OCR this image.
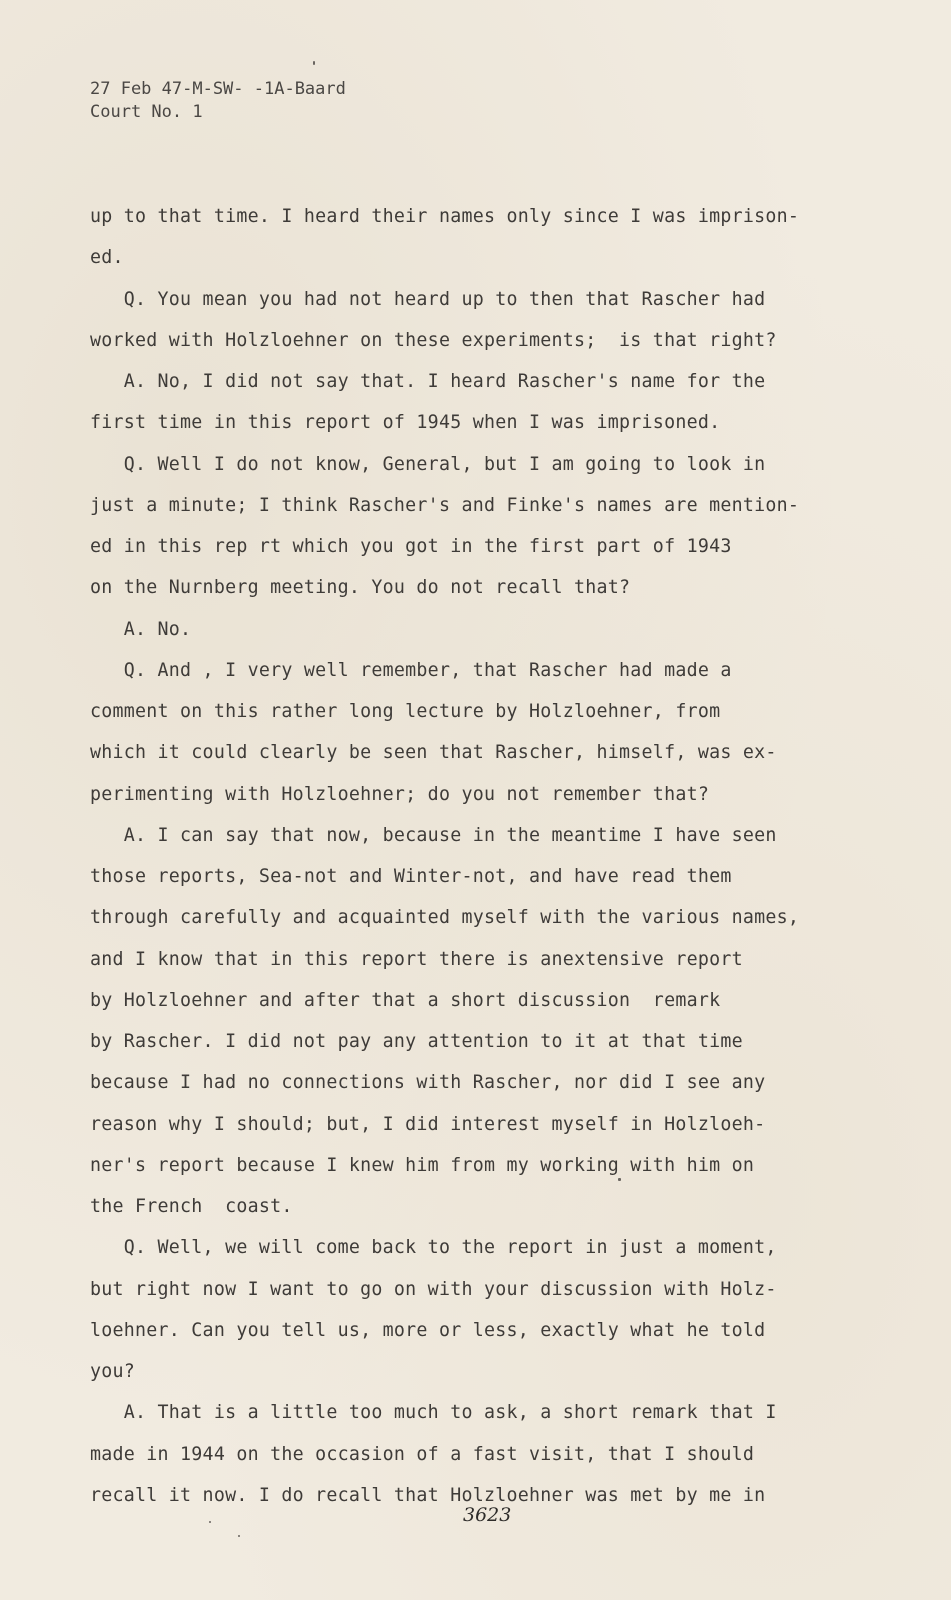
27 Feb 47-M-SW- -1A-Baard
Court No. 1
up to that time. I heard their names only since I was imprison-
ed.
Q. You mean you had not heard up to then that Rascher had
worked with Holzloehner on these experiments;  is that right?
A. No, I did not say that. I heard Rascher's name for the
first time in this report of 1945 when I was imprisoned.
Q. Well I do not know, General, but I am going to look in
just a minute; I think Rascher's and Finke's names are mention-
ed in this rep rt which you got in the first part of 1943
on the Nurnberg meeting. You do not recall that?
A. No.
Q. And , I very well remember, that Rascher had made a
comment on this rather long lecture by Holzloehner, from
which it could clearly be seen that Rascher, himself, was ex-
perimenting with Holzloehner; do you not remember that?
A. I can say that now, because in the meantime I have seen
those reports, Sea-not and Winter-not, and have read them
through carefully and acquainted myself with the various names,
and I know that in this report there is anextensive report
by Holzloehner and after that a short discussion  remark
by Rascher. I did not pay any attention to it at that time
because I had no connections with Rascher, nor did I see any
reason why I should; but, I did interest myself in Holzloeh-
ner's report because I knew him from my working with him on
the French  coast.
Q. Well, we will come back to the report in just a moment,
but right now I want to go on with your discussion with Holz-
loehner. Can you tell us, more or less, exactly what he told
you?
A. That is a little too much to ask, a short remark that I
made in 1944 on the occasion of a fast visit, that I should
recall it now. I do recall that Holzloehner was met by me in
3623
